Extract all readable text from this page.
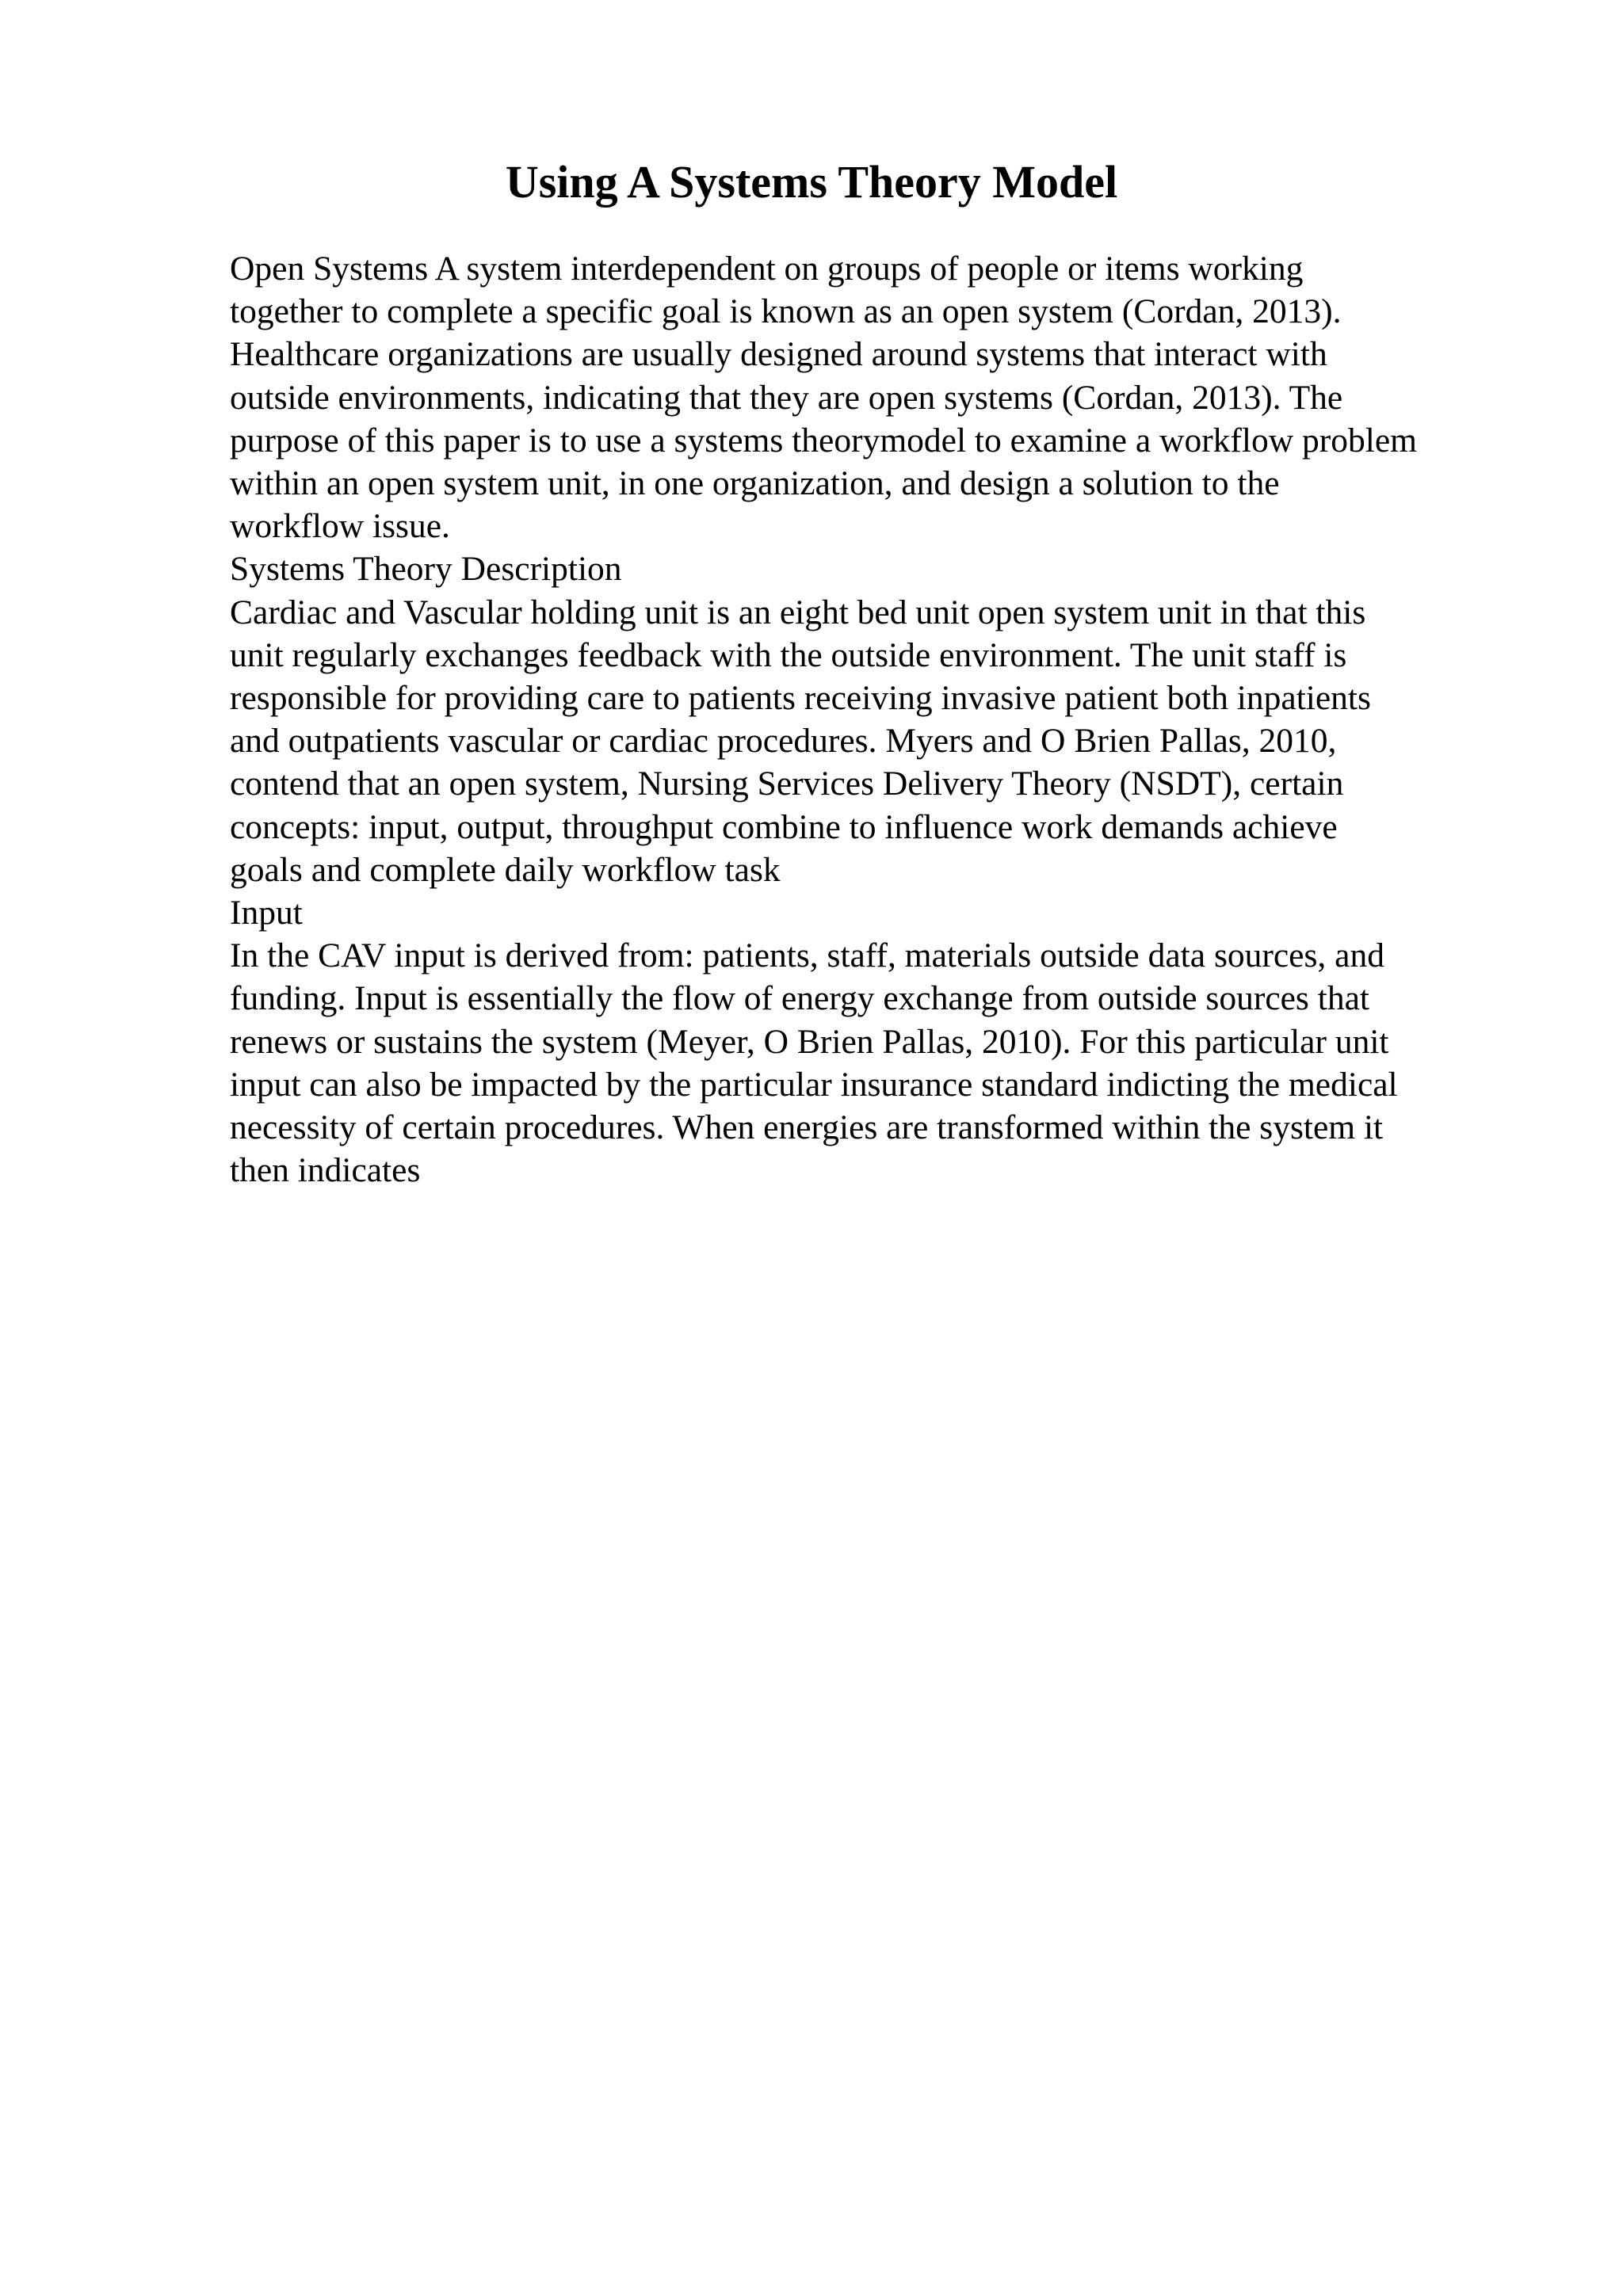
Using A Systems Theory Model
Open Systems A system interdependent on groups of people or items working
together to complete a specific goal is known as an open system (Cordan, 2013).
Healthcare organizations are usually designed around systems that interact with
outside environments, indicating that they are open systems (Cordan, 2013). The
purpose of this paper is to use a systems theorymodel to examine a workflow problem
within an open system unit, in one organization, and design a solution to the
workflow issue.
Systems Theory Description
Cardiac and Vascular holding unit is an eight bed unit open system unit in that this
unit regularly exchanges feedback with the outside environment. The unit staff is
responsible for providing care to patients receiving invasive patient both inpatients
and outpatients vascular or cardiac procedures. Myers and O Brien Pallas, 2010,
contend that an open system, Nursing Services Delivery Theory (NSDT), certain
concepts: input, output, throughput combine to influence work demands achieve
goals and complete daily workflow task
Input
In the CAV input is derived from: patients, staff, materials outside data sources, and
funding. Input is essentially the flow of energy exchange from outside sources that
renews or sustains the system (Meyer, O Brien Pallas, 2010). For this particular unit
input can also be impacted by the particular insurance standard indicting the medical
necessity of certain procedures. When energies are transformed within the system it
then indicates
